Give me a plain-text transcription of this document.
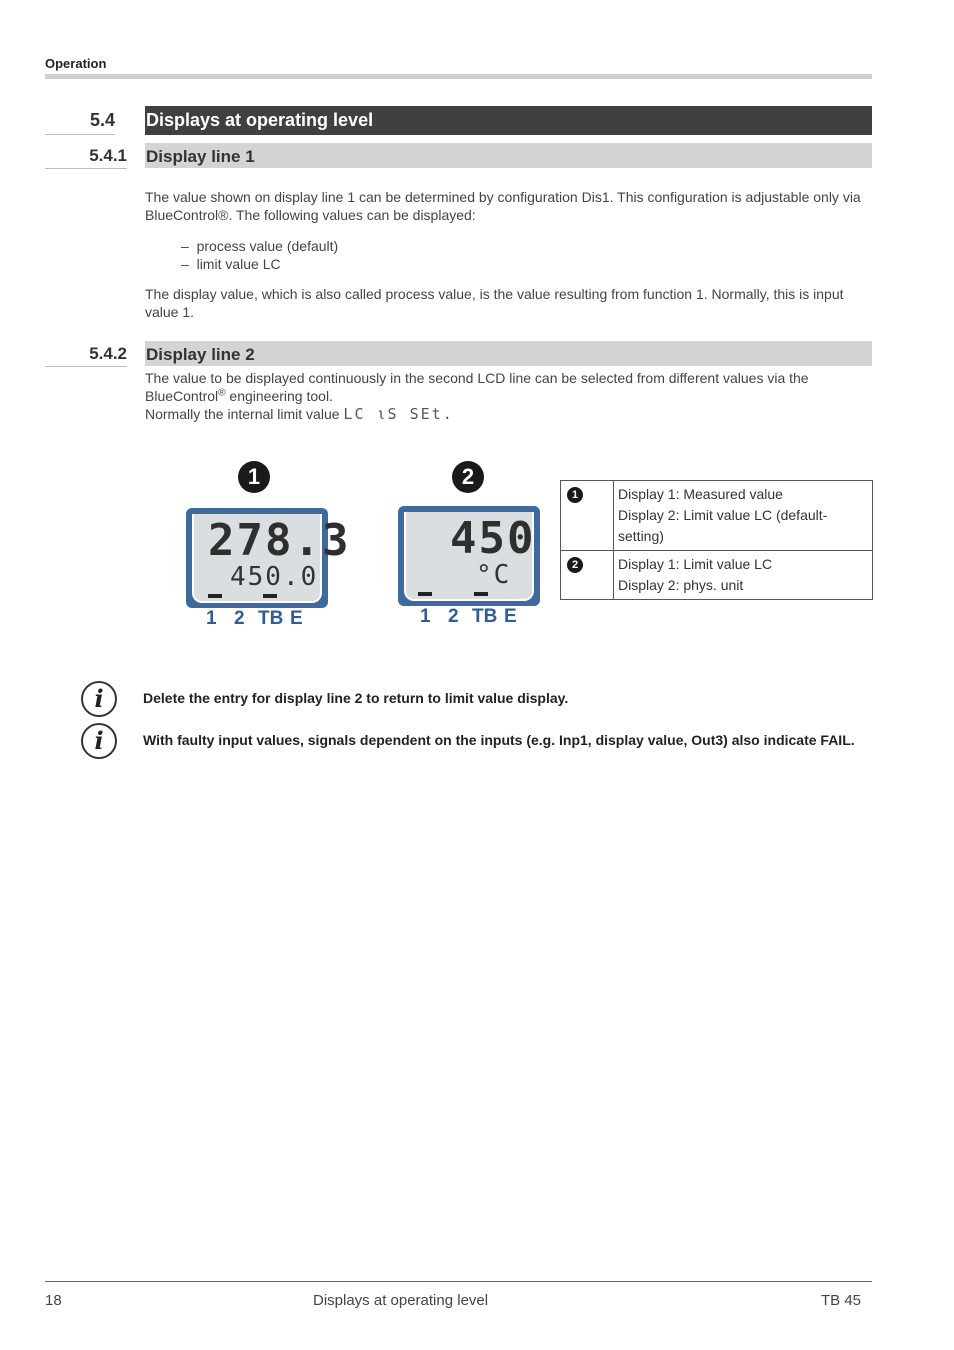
Operation
5.4 Displays at operating level
5.4.1 Display line 1
The value shown on display line 1 can be determined by configuration Dis1. This configuration is adjustable only via
BlueControl®. The following values can be displayed:
–  process value (default)
–  limit value LC
The display value, which is also called process value, is the value resulting from function 1. Normally, this is input
value 1.
5.4.2 Display line 2
The value to be displayed continuously in the second LCD line can be selected from different values via the
BlueControl® engineering tool.
Normally the internal limit value LC ιS SEt.
1	2
278.3
450.0
1 2 TB E
450
°C
1 2 TB E
1	Display 1: Measured value
Display 2: Limit value LC (default-setting)

2	Display 1: Limit value LC
Display 2: phys. unit
i	Delete the entry for display line 2 to return to limit value display.
i	With faulty input values, signals dependent on the inputs (e.g. Inp1, display value, Out3) also indicate FAIL.
18	Displays at operating level	TB 45
